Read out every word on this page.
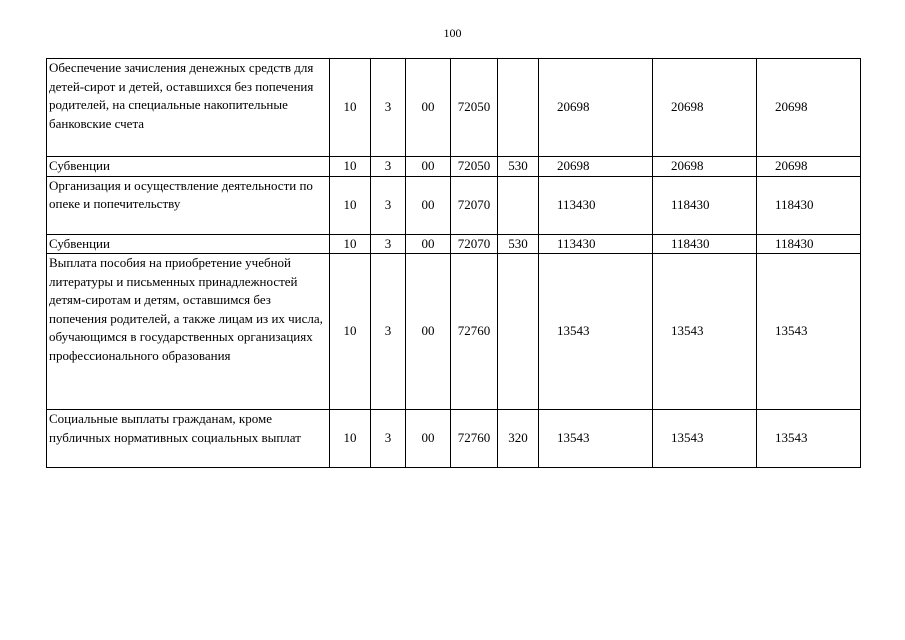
100
Обеспечение зачисления денежных средств для детей-сирот и детей, оставшихся без попечения родителей, на специальные накопительные банковские счета	10	3	00	72050		20698	20698	20698
Субвенции	10	3	00	72050	530	20698	20698	20698
Организация и осуществление деятельности по опеке и попечительству	10	3	00	72070		113430	118430	118430
Субвенции	10	3	00	72070	530	113430	118430	118430
Выплата пособия на приобретение учебной литературы и письменных принадлежностей детям-сиротам и детям, оставшимся без попечения родителей, а также лицам из их числа, обучающимся в государственных организациях профессионального образования	10	3	00	72760		13543	13543	13543
Социальные выплаты гражданам, кроме публичных нормативных социальных выплат	10	3	00	72760	320	13543	13543	13543
